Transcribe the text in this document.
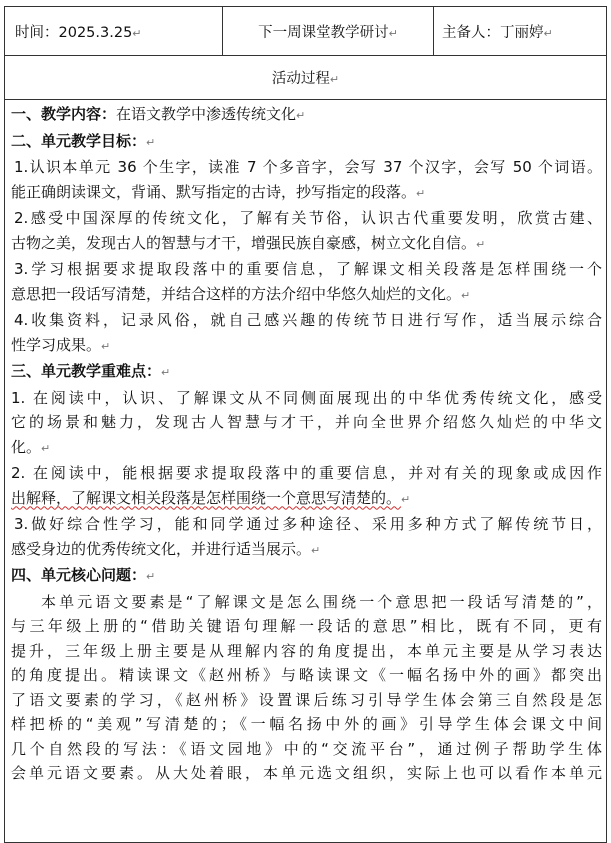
时间：2025.3.25↵	下一周课堂教学研讨↵	主备人：丁丽婷↵
活动过程↵

一、教学内容：在语文教学中渗透传统文化↵

二、单元教学目标：↵

1.认识本单元 36 个生字，读准 7 个多音字，会写 37 个汉字，会写 50 个词语。

能正确朗读课文，背诵、默写指定的古诗，抄写指定的段落。↵

2.感受中国深厚的传统文化，了解有关节俗，认识古代重要发明，欣赏古建、

古物之美，发现古人的智慧与才干，增强民族自豪感，树立文化自信。↵

3.学习根据要求提取段落中的重要信息，了解课文相关段落是怎样围绕一个

意思把一段话写清楚，并结合这样的方法介绍中华悠久灿烂的文化。↵

4.收集资料，记录风俗，就自己感兴趣的传统节日进行写作，适当展示综合

性学习成果。↵

三、单元教学重难点：↵

1. 在阅读中，认识、了解课文从不同侧面展现出的中华优秀传统文化，感受

它的场景和魅力，发现古人智慧与才干，并向全世界介绍悠久灿烂的中华文

化。↵

2. 在阅读中，能根据要求提取段落中的重要信息，并对有关的现象或成因作

出解释，了解课文相关段落是怎样围绕一个意思写清楚的。↵

3.做好综合性学习，能和同学通过多种途径、采用多种方式了解传统节日，

感受身边的优秀传统文化，并进行适当展示。↵

四、单元核心问题：↵

本单元语文要素是“了解课文是怎么围绕一个意思把一段话写清楚的”，

与三年级上册的“借助关键语句理解一段话的意思”相比，既有不同，更有

提升，三年级上册主要是从理解内容的角度提出，本单元主要是从学习表达

的角度提出。精读课文《赵州桥》与略读课文《一幅名扬中外的画》都突出

了语文要素的学习，《赵州桥》设置课后练习引导学生体会第三自然段是怎

样把桥的“美观”写清楚的；《一幅名扬中外的画》引导学生体会课文中间

几个自然段的写法：《语文园地》中的“交流平台”，通过例子帮助学生体

会单元语文要素。从大处着眼，本单元选文组织，实际上也可以看作本单元
